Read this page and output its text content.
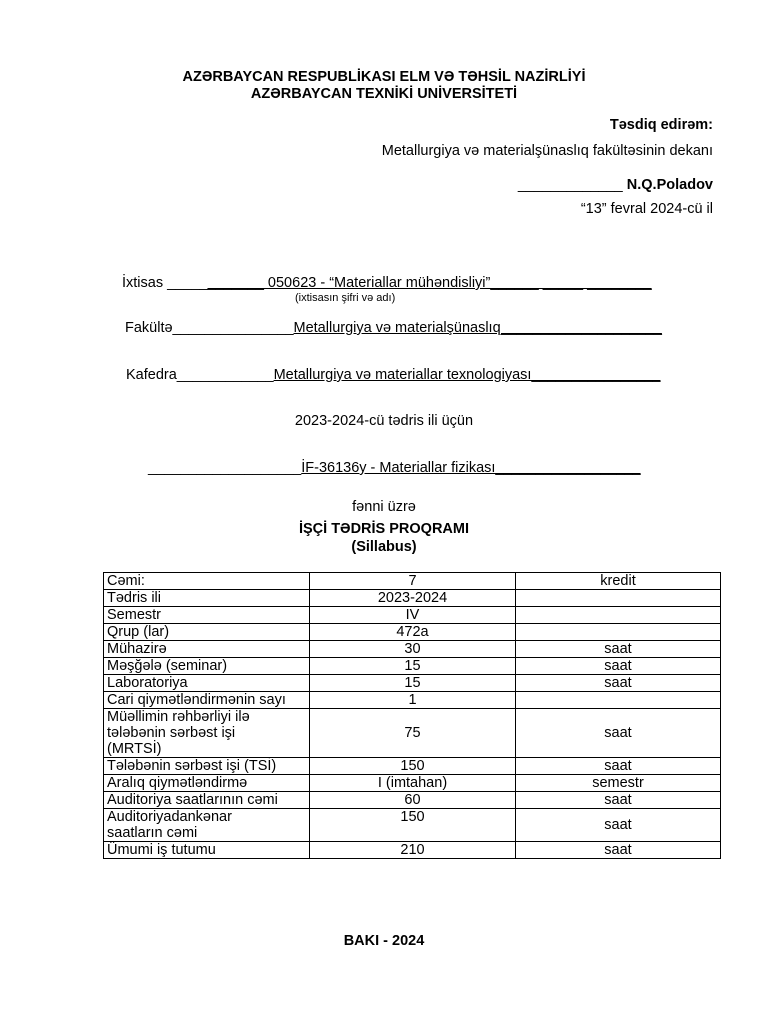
AZƏRBAYCAN RESPUBLİKASI ELM VƏ TƏHSİL NAZİRLİYİ
AZƏRBAYCAN TEXNİKİ UNİVERSİTETİ
Təsdiq edirəm:
Metallurgiya və materialşünaslıq fakültəsinin dekanı
_____________ N.Q.Poladov
“13” fevral 2024-cü il
İxtisas ____________ 050623 - “Materiallar mühəndisliyi”______ _____ ________
(ixtisasın şifri və adı)
Fakültə_______________Metallurgiya və materialşünaslıq____________________
Kafedra____________Metallurgiya və materiallar texnologiyası________________
2023-2024-cü tədris ili üçün
___________________İF-36136y - Materiallar fizikası__________________
fənni üzrə
İŞÇİ TƏDRİS PROQRAMI
(Sillabus)
Cəmi:	7	kredit
Tədris ili	2023-2024	
Semestr	IV	
Qrup (lar)	472a	
Mühazirə	30	saat
Məşğələ (seminar)	15	saat
Laboratoriya	15	saat
Cari qiymətləndirmənin sayı	1	

Müəllimin rəhbərliyi ilə
tələbənin sərbəst işi
(MRTSİ)	75	saat
Tələbənin sərbəst işi (TSİ)	150	saat
Aralıq qiymətləndirmə	I (imtahan)	semestr
Auditoriya saatlarının cəmi	60	saat

Auditoriyadankənar
saatların cəmi	150	saat
Ümumi iş tutumu	210	saat
BAKI - 2024
